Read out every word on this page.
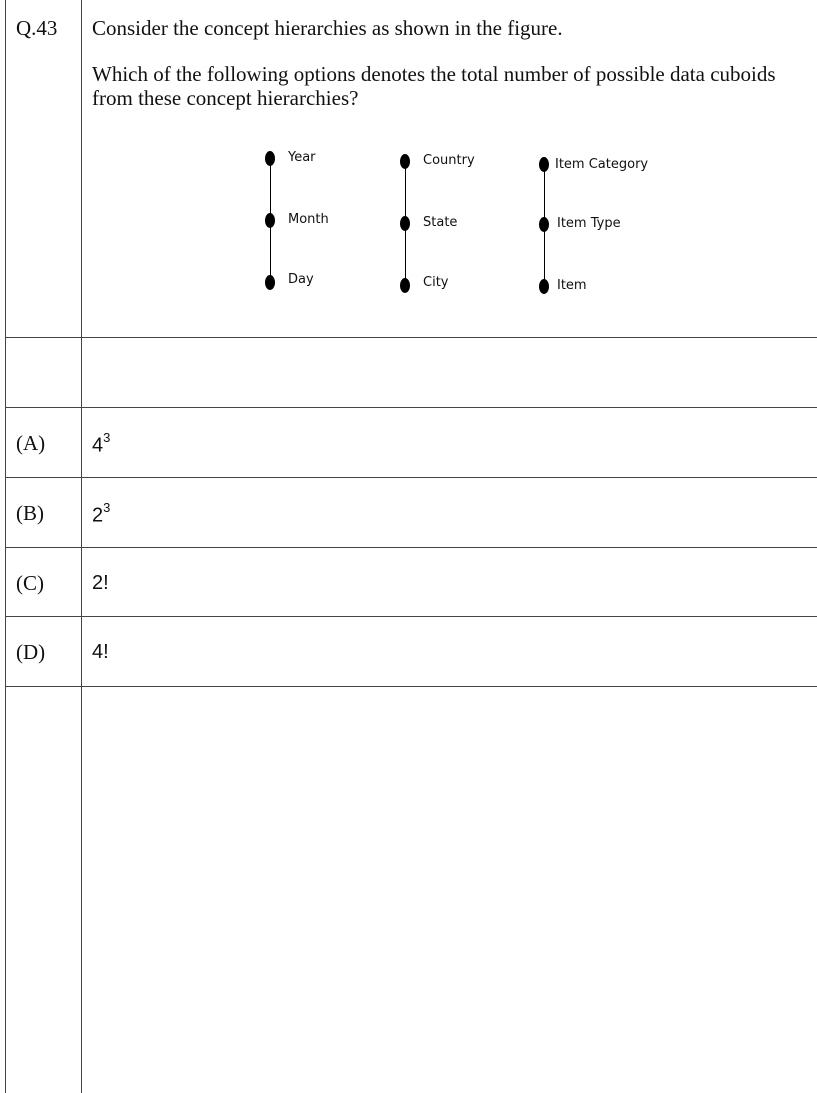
Q.43 Consider the concept hierarchies as shown in the figure.
Which of the following options denotes the total number of possible data cuboids from these concept hierarchies?
Year
Month
Day
Country
State
City
Item Category
Item Type
Item
(A) $4^3$
(B) $2^3$
(C) 2!
(D) 4!
